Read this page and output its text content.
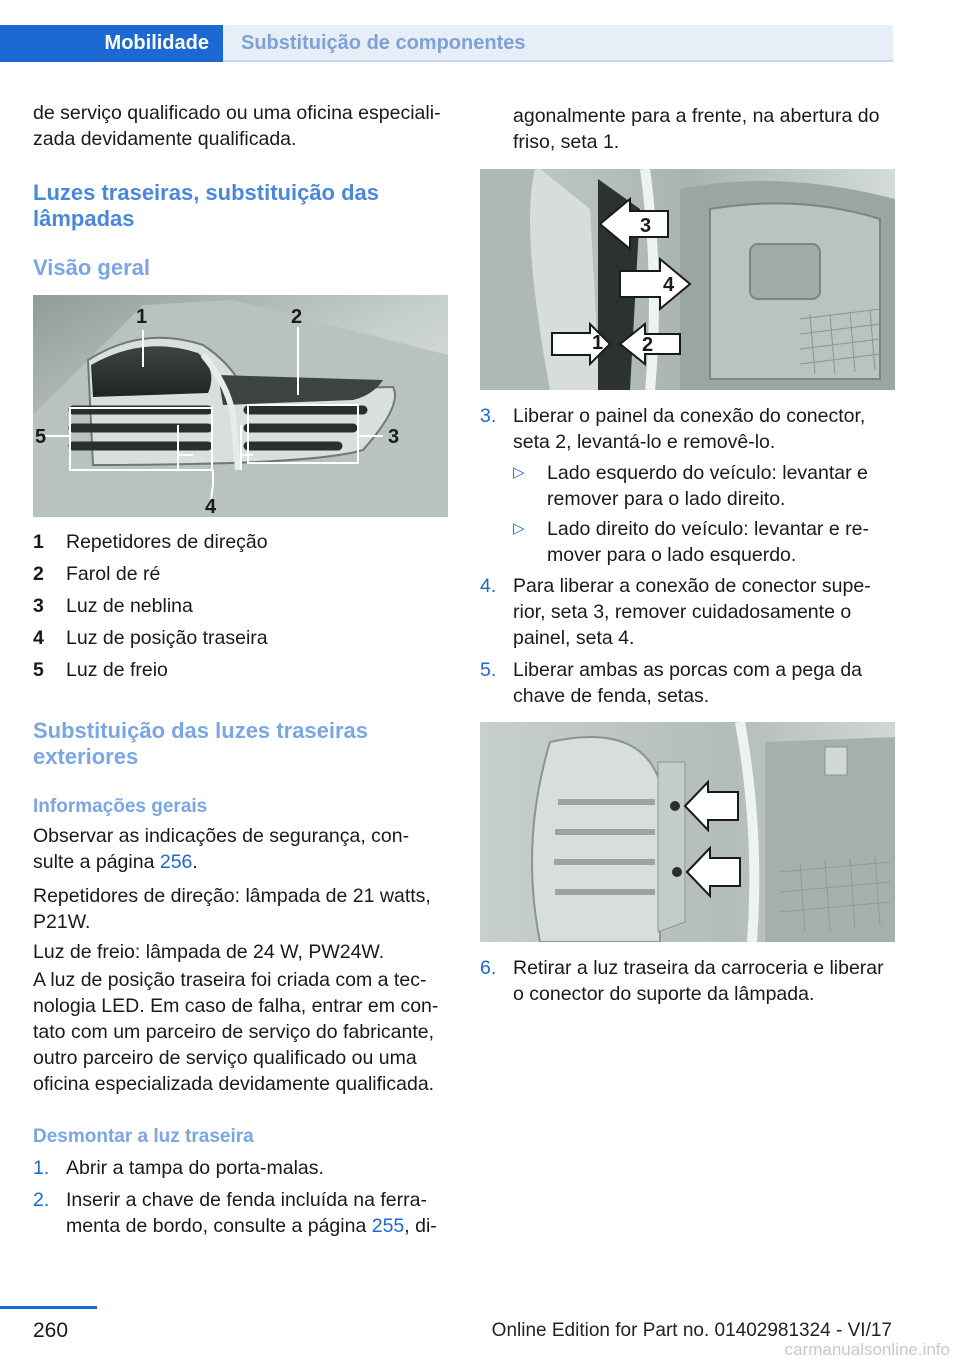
Mobilidade	Substituição de componentes

de serviço qualificado ou uma oficina especiali‐ zada devidamente qualificada.

Luzes traseiras, substituição das lâmpadas
Visão geral
1	2
3
4
5
1 Repetidores de direção
2 Farol de ré
3 Luz de neblina
4 Luz de posição traseira
5 Luz de freio
Substituição das luzes traseiras exteriores
Informações gerais

Observar as indicações de segurança, con‐ sulte a página 256.

Repetidores de direção: lâmpada de 21 watts, P21W.

Luz de freio: lâmpada de 24 W, PW24W.

A luz de posição traseira foi criada com a tec‐ nologia LED. Em caso de falha, entrar em con‐ tato com um parceiro de serviço do fabricante, outro parceiro de serviço qualificado ou uma oficina especializada devidamente qualificada.

Desmontar a luz traseira
1. Abrir a tampa do porta-malas.
2. Inserir a chave de fenda incluída na ferra‐ menta de bordo, consulte a página 255, di‐

agonalmente para a frente, na abertura do friso, seta 1.

3
4
1 2
3. Liberar o painel da conexão do conector, seta 2, levantá-lo e removê-lo.
▷ Lado esquerdo do veículo: levantar e remover para o lado direito.
▷ Lado direito do veículo: levantar e re‐ mover para o lado esquerdo.
4. Para liberar a conexão de conector supe‐ rior, seta 3, remover cuidadosamente o painel, seta 4.
5. Liberar ambas as porcas com a pega da chave de fenda, setas.
6. Retirar a luz traseira da carroceria e liberar o conector do suporte da lâmpada.
260	Online Edition for Part no. 01402981324 - VI/17
carmanualsonline.info
